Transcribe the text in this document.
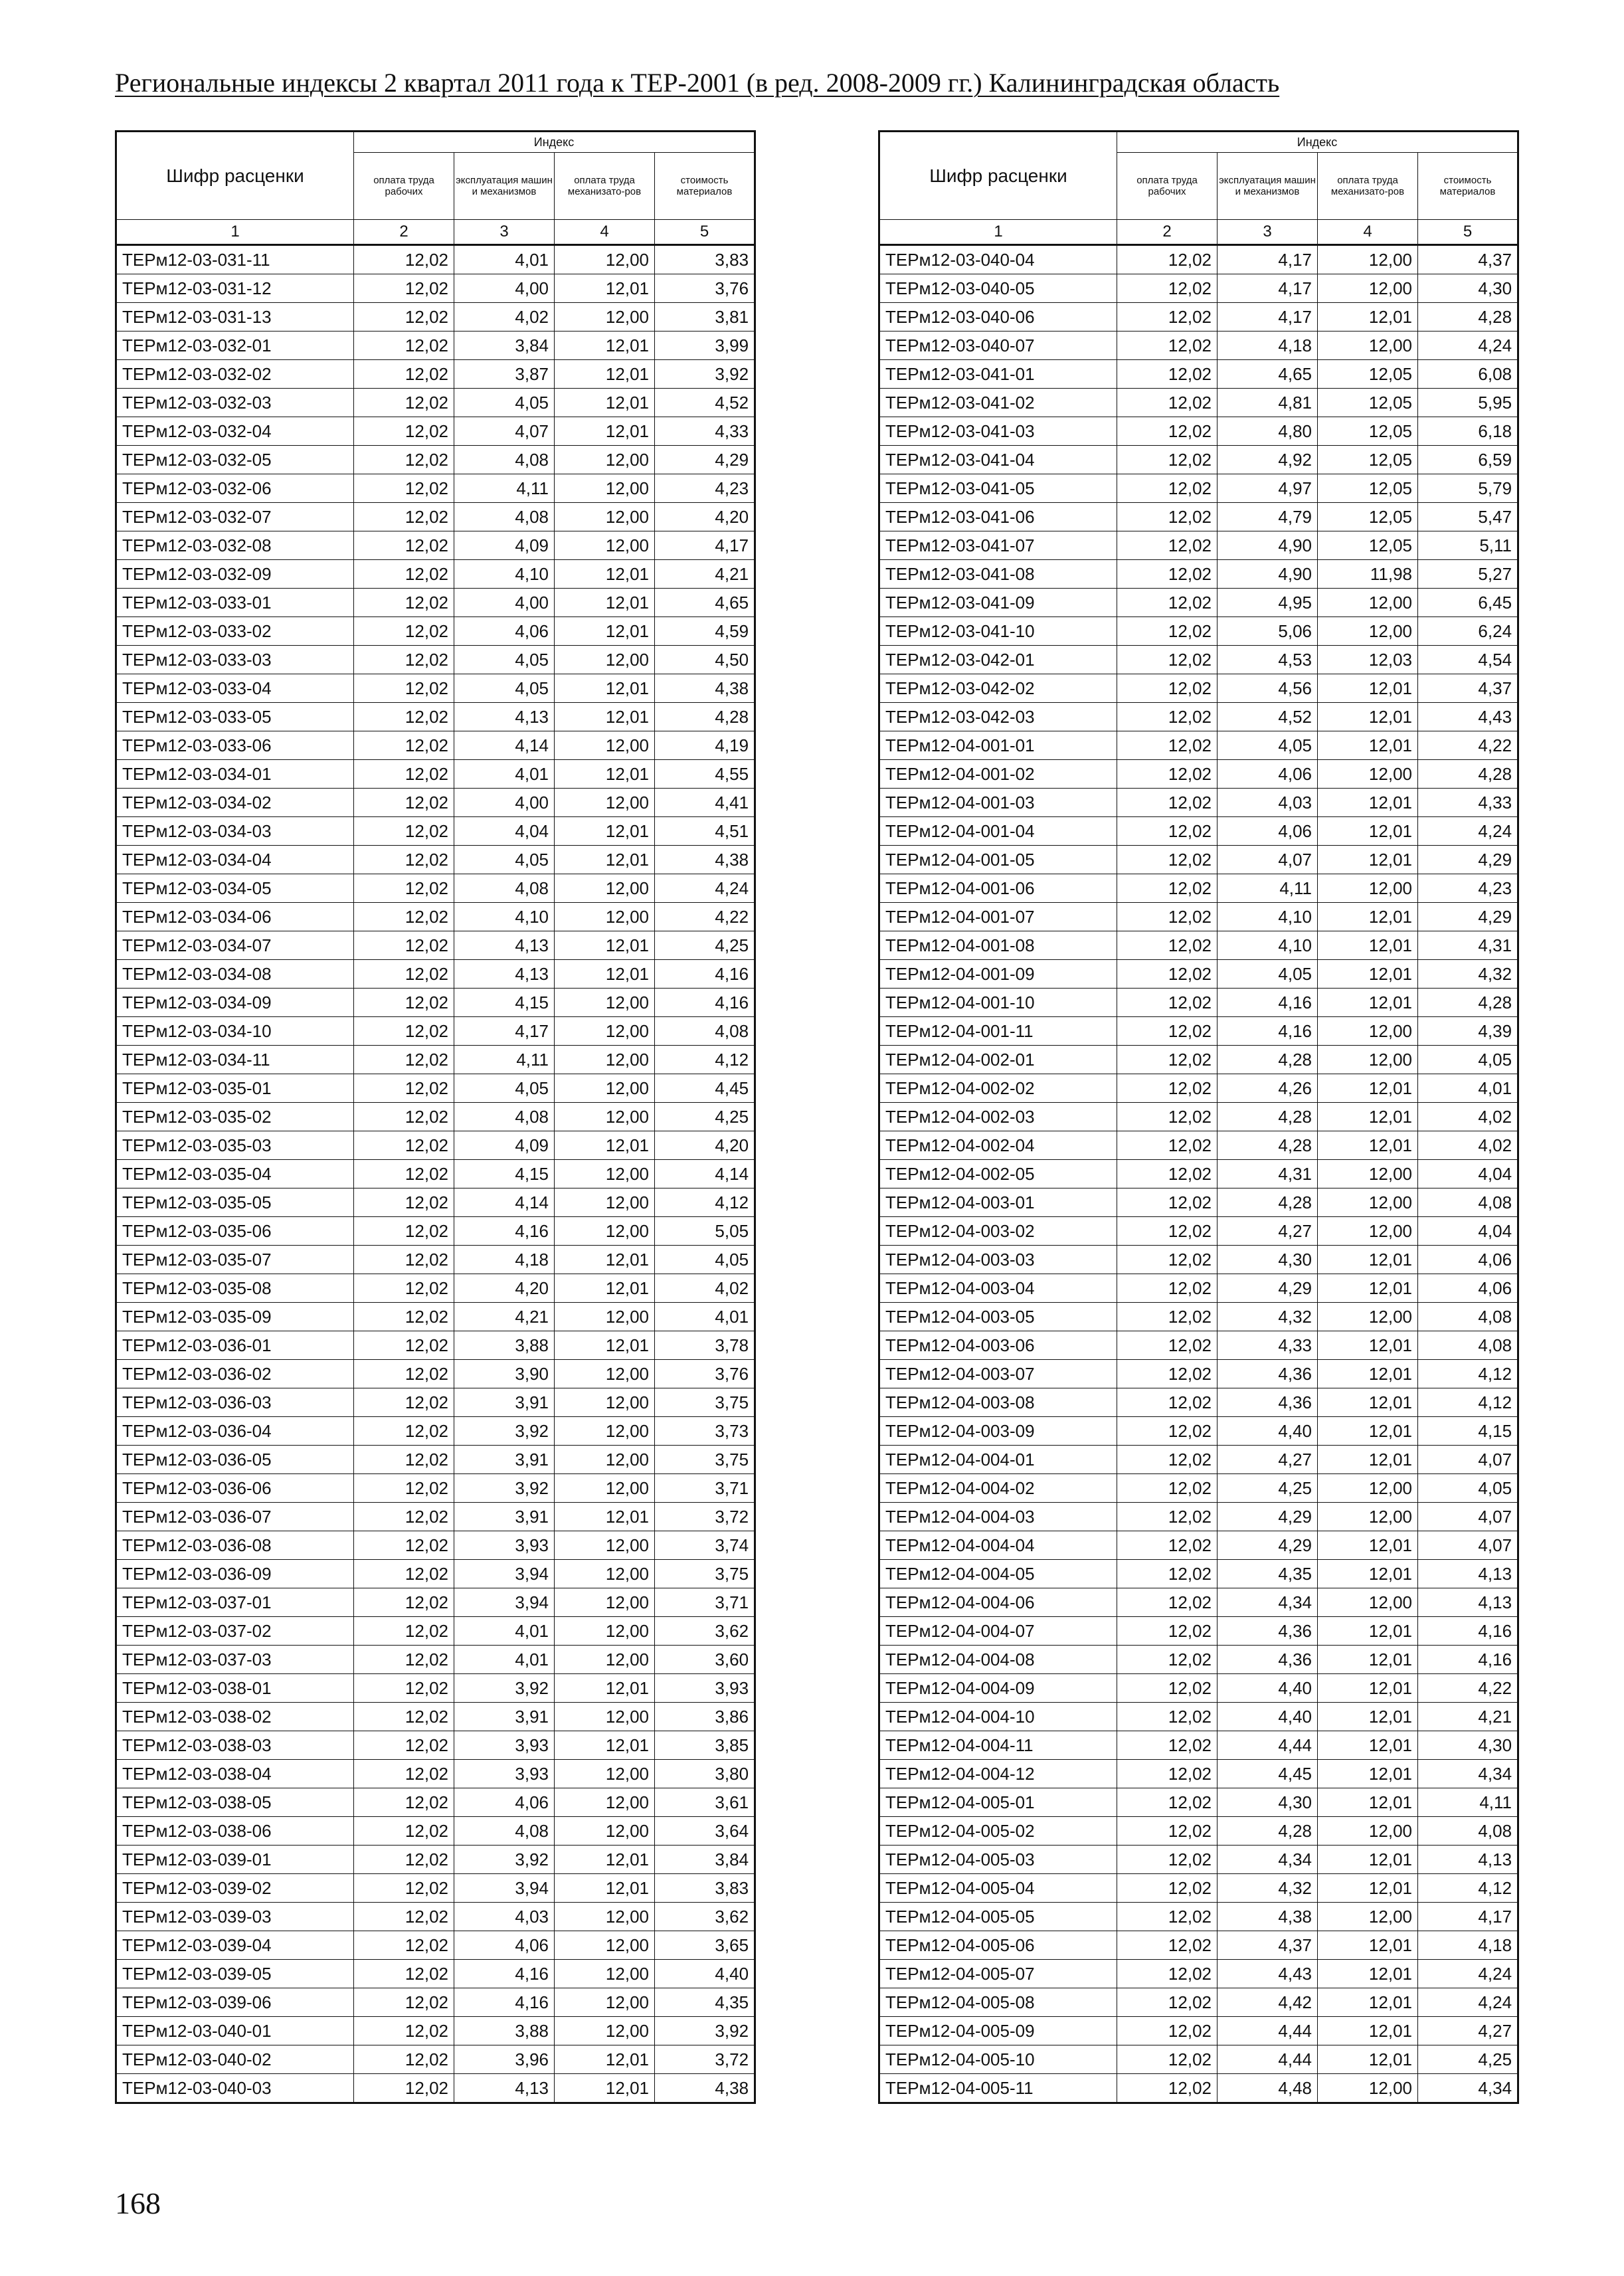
Региональные индексы 2 квартал 2011 года к ТЕР-2001 (в ред. 2008-2009 гг.) Калининградская область
Шифр расценки	Индекс			
	оплата труда рабочих	эксплуатация машин и механизмов	оплата труда механизато-ров	стоимость материалов
1	2	3	4	5
ТЕРм12-03-031-11	12,02	4,01	12,00	3,83
ТЕРм12-03-031-12	12,02	4,00	12,01	3,76
ТЕРм12-03-031-13	12,02	4,02	12,00	3,81
ТЕРм12-03-032-01	12,02	3,84	12,01	3,99
ТЕРм12-03-032-02	12,02	3,87	12,01	3,92
ТЕРм12-03-032-03	12,02	4,05	12,01	4,52
ТЕРм12-03-032-04	12,02	4,07	12,01	4,33
ТЕРм12-03-032-05	12,02	4,08	12,00	4,29
ТЕРм12-03-032-06	12,02	4,11	12,00	4,23
ТЕРм12-03-032-07	12,02	4,08	12,00	4,20
ТЕРм12-03-032-08	12,02	4,09	12,00	4,17
ТЕРм12-03-032-09	12,02	4,10	12,01	4,21
ТЕРм12-03-033-01	12,02	4,00	12,01	4,65
ТЕРм12-03-033-02	12,02	4,06	12,01	4,59
ТЕРм12-03-033-03	12,02	4,05	12,00	4,50
ТЕРм12-03-033-04	12,02	4,05	12,01	4,38
ТЕРм12-03-033-05	12,02	4,13	12,01	4,28
ТЕРм12-03-033-06	12,02	4,14	12,00	4,19
ТЕРм12-03-034-01	12,02	4,01	12,01	4,55
ТЕРм12-03-034-02	12,02	4,00	12,00	4,41
ТЕРм12-03-034-03	12,02	4,04	12,01	4,51
ТЕРм12-03-034-04	12,02	4,05	12,01	4,38
ТЕРм12-03-034-05	12,02	4,08	12,00	4,24
ТЕРм12-03-034-06	12,02	4,10	12,00	4,22
ТЕРм12-03-034-07	12,02	4,13	12,01	4,25
ТЕРм12-03-034-08	12,02	4,13	12,01	4,16
ТЕРм12-03-034-09	12,02	4,15	12,00	4,16
ТЕРм12-03-034-10	12,02	4,17	12,00	4,08
ТЕРм12-03-034-11	12,02	4,11	12,00	4,12
ТЕРм12-03-035-01	12,02	4,05	12,00	4,45
ТЕРм12-03-035-02	12,02	4,08	12,00	4,25
ТЕРм12-03-035-03	12,02	4,09	12,01	4,20
ТЕРм12-03-035-04	12,02	4,15	12,00	4,14
ТЕРм12-03-035-05	12,02	4,14	12,00	4,12
ТЕРм12-03-035-06	12,02	4,16	12,00	5,05
ТЕРм12-03-035-07	12,02	4,18	12,01	4,05
ТЕРм12-03-035-08	12,02	4,20	12,01	4,02
ТЕРм12-03-035-09	12,02	4,21	12,00	4,01
ТЕРм12-03-036-01	12,02	3,88	12,01	3,78
ТЕРм12-03-036-02	12,02	3,90	12,00	3,76
ТЕРм12-03-036-03	12,02	3,91	12,00	3,75
ТЕРм12-03-036-04	12,02	3,92	12,00	3,73
ТЕРм12-03-036-05	12,02	3,91	12,00	3,75
ТЕРм12-03-036-06	12,02	3,92	12,00	3,71
ТЕРм12-03-036-07	12,02	3,91	12,01	3,72
ТЕРм12-03-036-08	12,02	3,93	12,00	3,74
ТЕРм12-03-036-09	12,02	3,94	12,00	3,75
ТЕРм12-03-037-01	12,02	3,94	12,00	3,71
ТЕРм12-03-037-02	12,02	4,01	12,00	3,62
ТЕРм12-03-037-03	12,02	4,01	12,00	3,60
ТЕРм12-03-038-01	12,02	3,92	12,01	3,93
ТЕРм12-03-038-02	12,02	3,91	12,00	3,86
ТЕРм12-03-038-03	12,02	3,93	12,01	3,85
ТЕРм12-03-038-04	12,02	3,93	12,00	3,80
ТЕРм12-03-038-05	12,02	4,06	12,00	3,61
ТЕРм12-03-038-06	12,02	4,08	12,00	3,64
ТЕРм12-03-039-01	12,02	3,92	12,01	3,84
ТЕРм12-03-039-02	12,02	3,94	12,01	3,83
ТЕРм12-03-039-03	12,02	4,03	12,00	3,62
ТЕРм12-03-039-04	12,02	4,06	12,00	3,65
ТЕРм12-03-039-05	12,02	4,16	12,00	4,40
ТЕРм12-03-039-06	12,02	4,16	12,00	4,35
ТЕРм12-03-040-01	12,02	3,88	12,00	3,92
ТЕРм12-03-040-02	12,02	3,96	12,01	3,72
ТЕРм12-03-040-03	12,02	4,13	12,01	4,38
Шифр расценки	Индекс			
	оплата труда рабочих	эксплуатация машин и механизмов	оплата труда механизато-ров	стоимость материалов
1	2	3	4	5
ТЕРм12-03-040-04	12,02	4,17	12,00	4,37
ТЕРм12-03-040-05	12,02	4,17	12,00	4,30
ТЕРм12-03-040-06	12,02	4,17	12,01	4,28
ТЕРм12-03-040-07	12,02	4,18	12,00	4,24
ТЕРм12-03-041-01	12,02	4,65	12,05	6,08
ТЕРм12-03-041-02	12,02	4,81	12,05	5,95
ТЕРм12-03-041-03	12,02	4,80	12,05	6,18
ТЕРм12-03-041-04	12,02	4,92	12,05	6,59
ТЕРм12-03-041-05	12,02	4,97	12,05	5,79
ТЕРм12-03-041-06	12,02	4,79	12,05	5,47
ТЕРм12-03-041-07	12,02	4,90	12,05	5,11
ТЕРм12-03-041-08	12,02	4,90	11,98	5,27
ТЕРм12-03-041-09	12,02	4,95	12,00	6,45
ТЕРм12-03-041-10	12,02	5,06	12,00	6,24
ТЕРм12-03-042-01	12,02	4,53	12,03	4,54
ТЕРм12-03-042-02	12,02	4,56	12,01	4,37
ТЕРм12-03-042-03	12,02	4,52	12,01	4,43
ТЕРм12-04-001-01	12,02	4,05	12,01	4,22
ТЕРм12-04-001-02	12,02	4,06	12,00	4,28
ТЕРм12-04-001-03	12,02	4,03	12,01	4,33
ТЕРм12-04-001-04	12,02	4,06	12,01	4,24
ТЕРм12-04-001-05	12,02	4,07	12,01	4,29
ТЕРм12-04-001-06	12,02	4,11	12,00	4,23
ТЕРм12-04-001-07	12,02	4,10	12,01	4,29
ТЕРм12-04-001-08	12,02	4,10	12,01	4,31
ТЕРм12-04-001-09	12,02	4,05	12,01	4,32
ТЕРм12-04-001-10	12,02	4,16	12,01	4,28
ТЕРм12-04-001-11	12,02	4,16	12,00	4,39
ТЕРм12-04-002-01	12,02	4,28	12,00	4,05
ТЕРм12-04-002-02	12,02	4,26	12,01	4,01
ТЕРм12-04-002-03	12,02	4,28	12,01	4,02
ТЕРм12-04-002-04	12,02	4,28	12,01	4,02
ТЕРм12-04-002-05	12,02	4,31	12,00	4,04
ТЕРм12-04-003-01	12,02	4,28	12,00	4,08
ТЕРм12-04-003-02	12,02	4,27	12,00	4,04
ТЕРм12-04-003-03	12,02	4,30	12,01	4,06
ТЕРм12-04-003-04	12,02	4,29	12,01	4,06
ТЕРм12-04-003-05	12,02	4,32	12,00	4,08
ТЕРм12-04-003-06	12,02	4,33	12,01	4,08
ТЕРм12-04-003-07	12,02	4,36	12,01	4,12
ТЕРм12-04-003-08	12,02	4,36	12,01	4,12
ТЕРм12-04-003-09	12,02	4,40	12,01	4,15
ТЕРм12-04-004-01	12,02	4,27	12,01	4,07
ТЕРм12-04-004-02	12,02	4,25	12,00	4,05
ТЕРм12-04-004-03	12,02	4,29	12,00	4,07
ТЕРм12-04-004-04	12,02	4,29	12,01	4,07
ТЕРм12-04-004-05	12,02	4,35	12,01	4,13
ТЕРм12-04-004-06	12,02	4,34	12,00	4,13
ТЕРм12-04-004-07	12,02	4,36	12,01	4,16
ТЕРм12-04-004-08	12,02	4,36	12,01	4,16
ТЕРм12-04-004-09	12,02	4,40	12,01	4,22
ТЕРм12-04-004-10	12,02	4,40	12,01	4,21
ТЕРм12-04-004-11	12,02	4,44	12,01	4,30
ТЕРм12-04-004-12	12,02	4,45	12,01	4,34
ТЕРм12-04-005-01	12,02	4,30	12,01	4,11
ТЕРм12-04-005-02	12,02	4,28	12,00	4,08
ТЕРм12-04-005-03	12,02	4,34	12,01	4,13
ТЕРм12-04-005-04	12,02	4,32	12,01	4,12
ТЕРм12-04-005-05	12,02	4,38	12,00	4,17
ТЕРм12-04-005-06	12,02	4,37	12,01	4,18
ТЕРм12-04-005-07	12,02	4,43	12,01	4,24
ТЕРм12-04-005-08	12,02	4,42	12,01	4,24
ТЕРм12-04-005-09	12,02	4,44	12,01	4,27
ТЕРм12-04-005-10	12,02	4,44	12,01	4,25
ТЕРм12-04-005-11	12,02	4,48	12,00	4,34
168
